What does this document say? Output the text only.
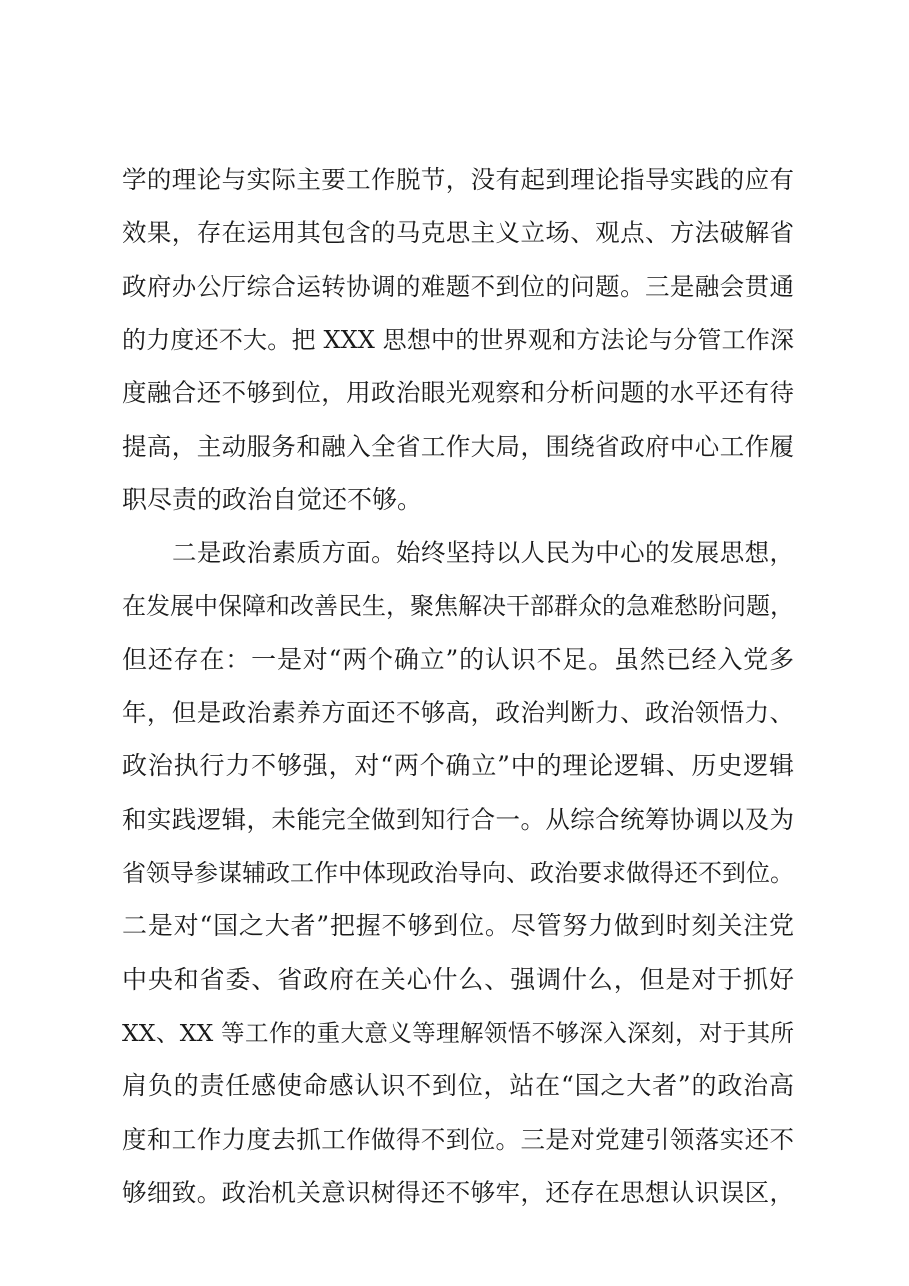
学的理论与实际主要工作脱节，没有起到理论指导实践的应有
效果，存在运用其包含的马克思主义立场、观点、方法破解省
政府办公厅综合运转协调的难题不到位的问题。三是融会贯通
的力度还不大。把 XXX 思想中的世界观和方法论与分管工作深
度融合还不够到位，用政治眼光观察和分析问题的水平还有待
提高，主动服务和融入全省工作大局，围绕省政府中心工作履
职尽责的政治自觉还不够。
二是政治素质方面。始终坚持以人民为中心的发展思想，
在发展中保障和改善民生，聚焦解决干部群众的急难愁盼问题，
但还存在：一是对“两个确立”的认识不足。虽然已经入党多
年，但是政治素养方面还不够高，政治判断力、政治领悟力、
政治执行力不够强，对“两个确立”中的理论逻辑、历史逻辑
和实践逻辑，未能完全做到知行合一。从综合统筹协调以及为
省领导参谋辅政工作中体现政治导向、政治要求做得还不到位。
二是对“国之大者”把握不够到位。尽管努力做到时刻关注党
中央和省委、省政府在关心什么、强调什么，但是对于抓好
XX、XX 等工作的重大意义等理解领悟不够深入深刻，对于其所
肩负的责任感使命感认识不到位，站在“国之大者”的政治高
度和工作力度去抓工作做得不到位。三是对党建引领落实还不
够细致。政治机关意识树得还不够牢，还存在思想认识误区，
